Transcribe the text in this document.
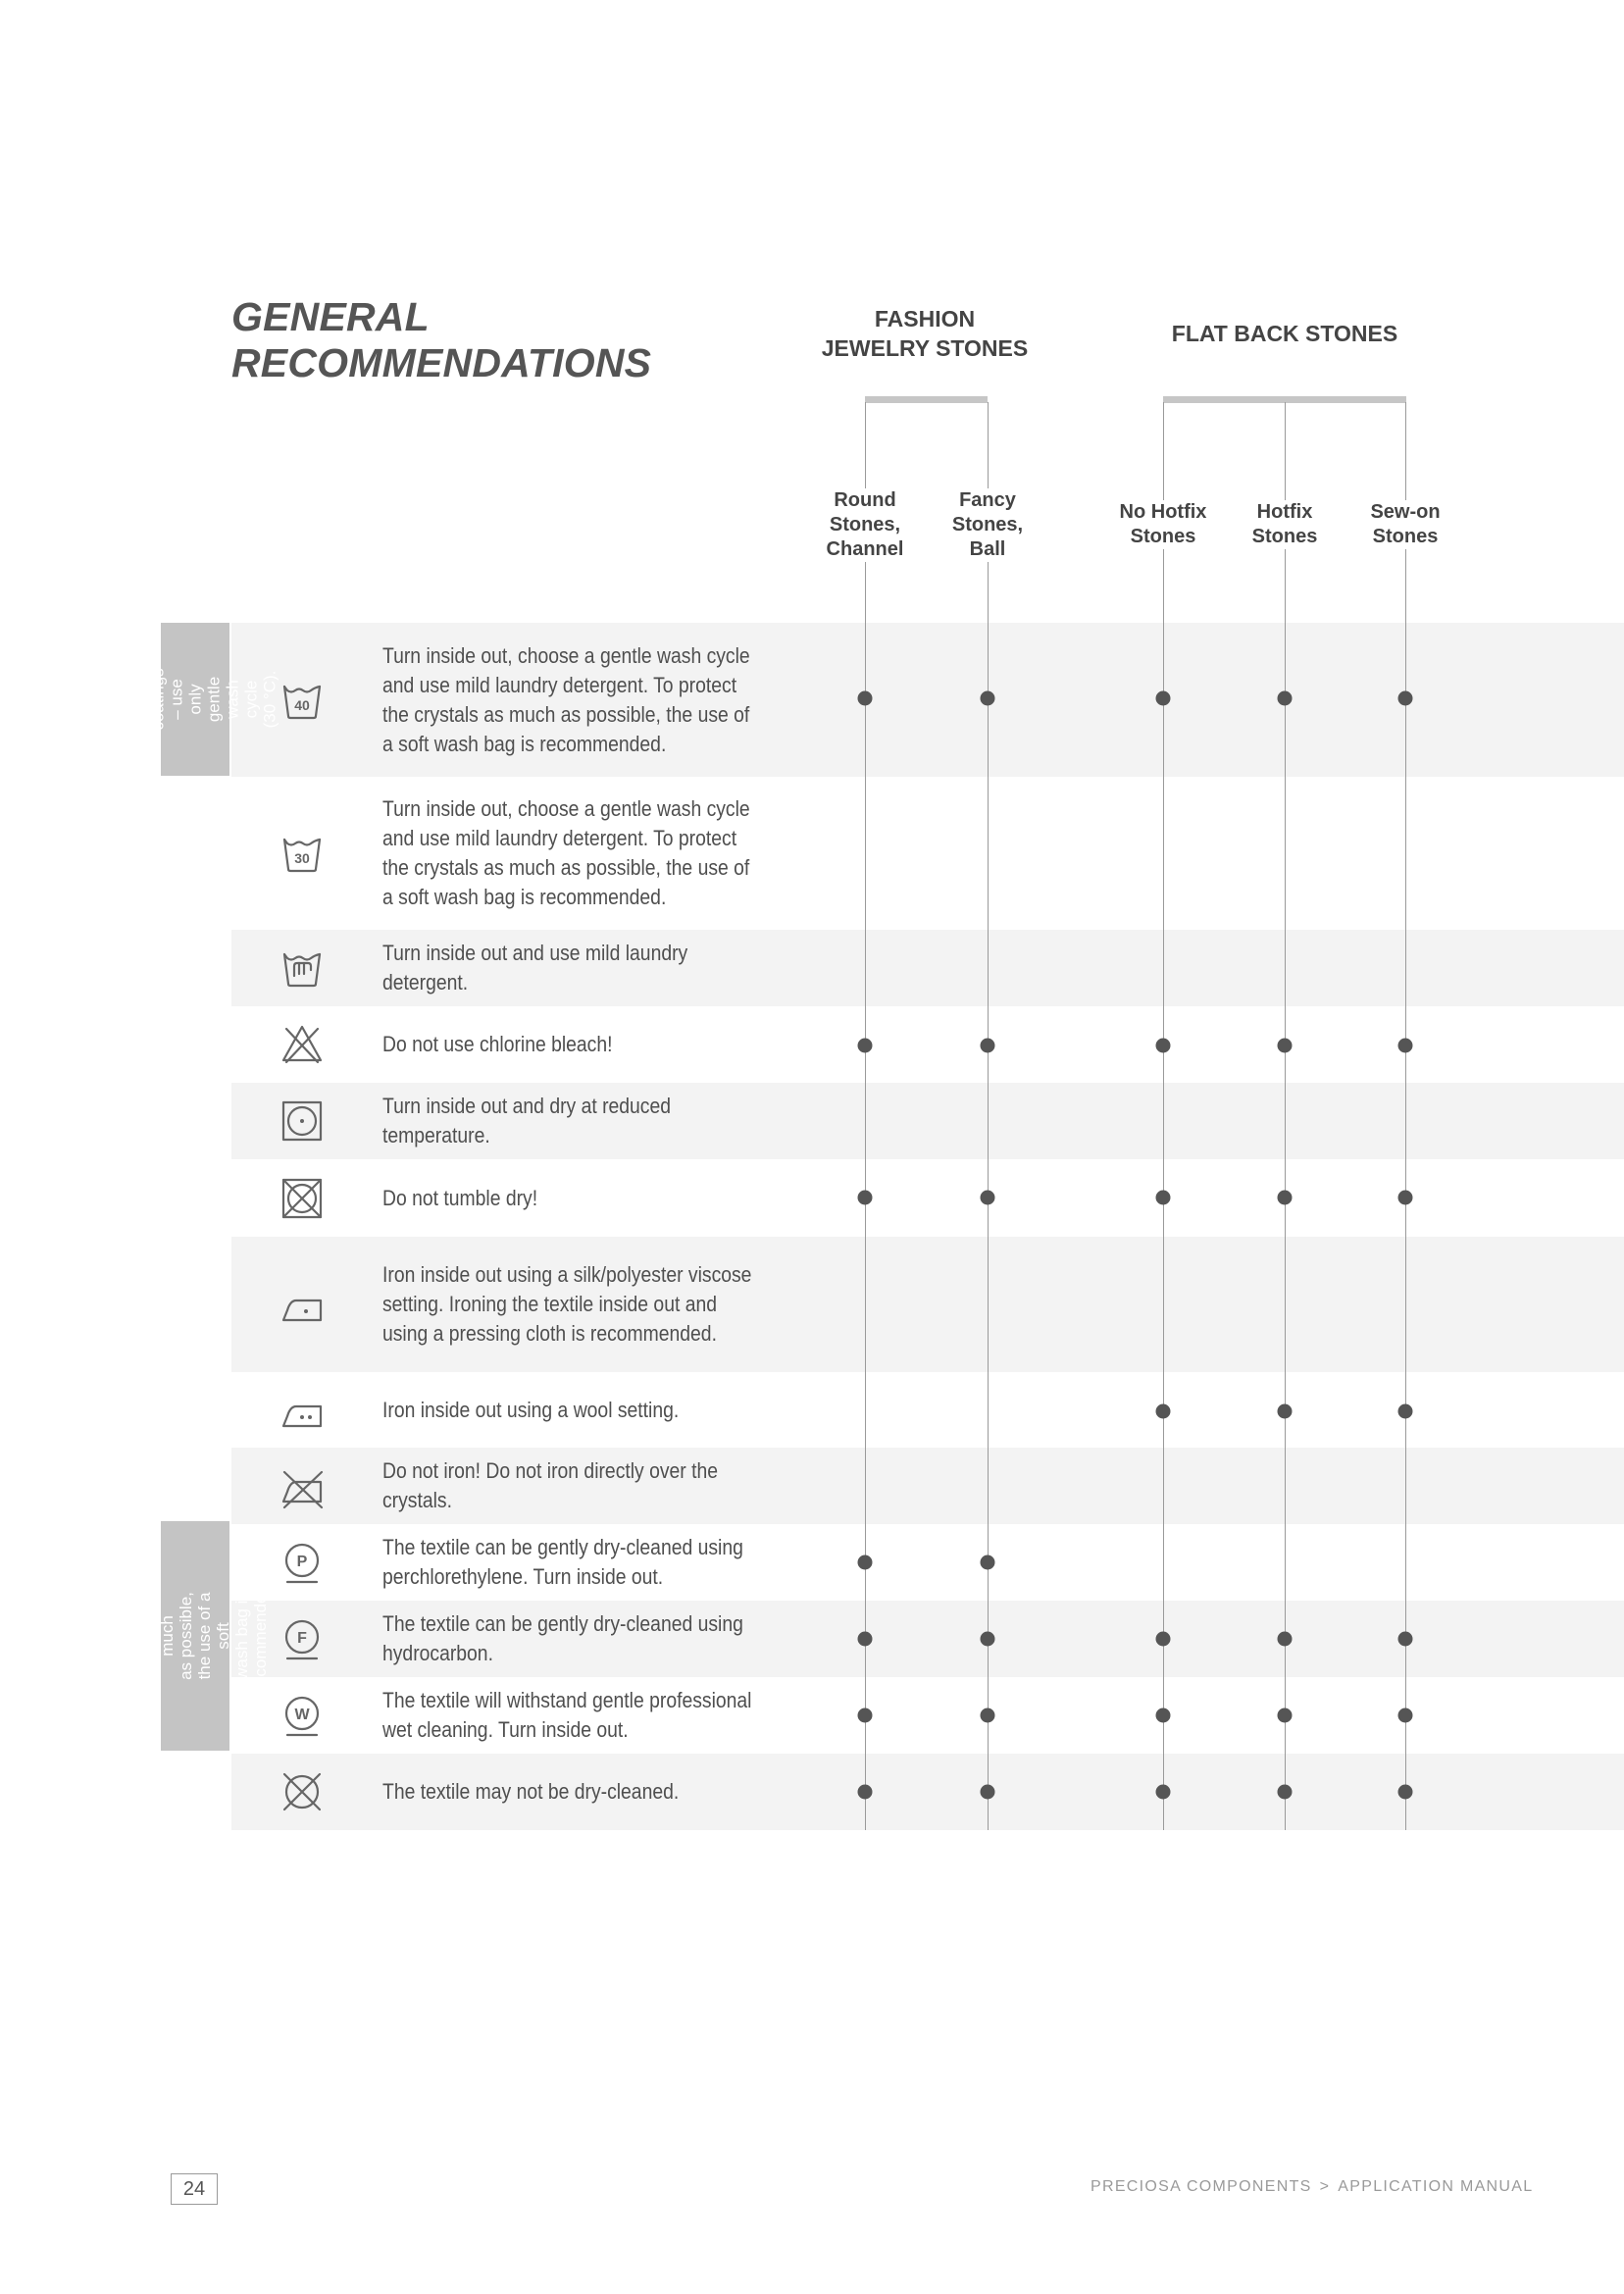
GENERAL
RECOMMENDATIONS
FASHION
JEWELRY STONES
FLAT BACK STONES
40
Turn inside out, choose a gentle wash cycle and use mild laundry detergent. To protect the crystals as much as possible, the use of a soft wash bag is recommended.
30
Turn inside out, choose a gentle wash cycle and use mild laundry detergent. To protect the crystals as much as possible, the use of a soft wash bag is recommended.
Turn inside out and use mild laundry detergent.
Do not use chlorine bleach!
Turn inside out and dry at reduced temperature.
Do not tumble dry!
Iron inside out using a silk/polyester viscose setting. Ironing the textile inside out and using a pressing cloth is recommended.
Iron inside out using a wool setting.
Do not iron! Do not iron directly over the crystals.
P
The textile can be gently dry-cleaned using perchlorethylene. Turn inside out.
F
The textile can be gently dry-cleaned using hydrocarbon.
W
The textile will withstand gentle professional wet cleaning. Turn inside out.
The textile may not be dry-cleaned.
Round
Stones,
Channel
Fancy
Stones,
Ball
No Hotfix
Stones
Hotfix
Stones
Sew-on
Stones
Stones with coatings
– use only gentle
wash cycle (30 °C).
To protect the crystals as much
as possible, the use of a soft
wash bag is recommended.
24	PRECIOSA COMPONENTS > APPLICATION MANUAL
